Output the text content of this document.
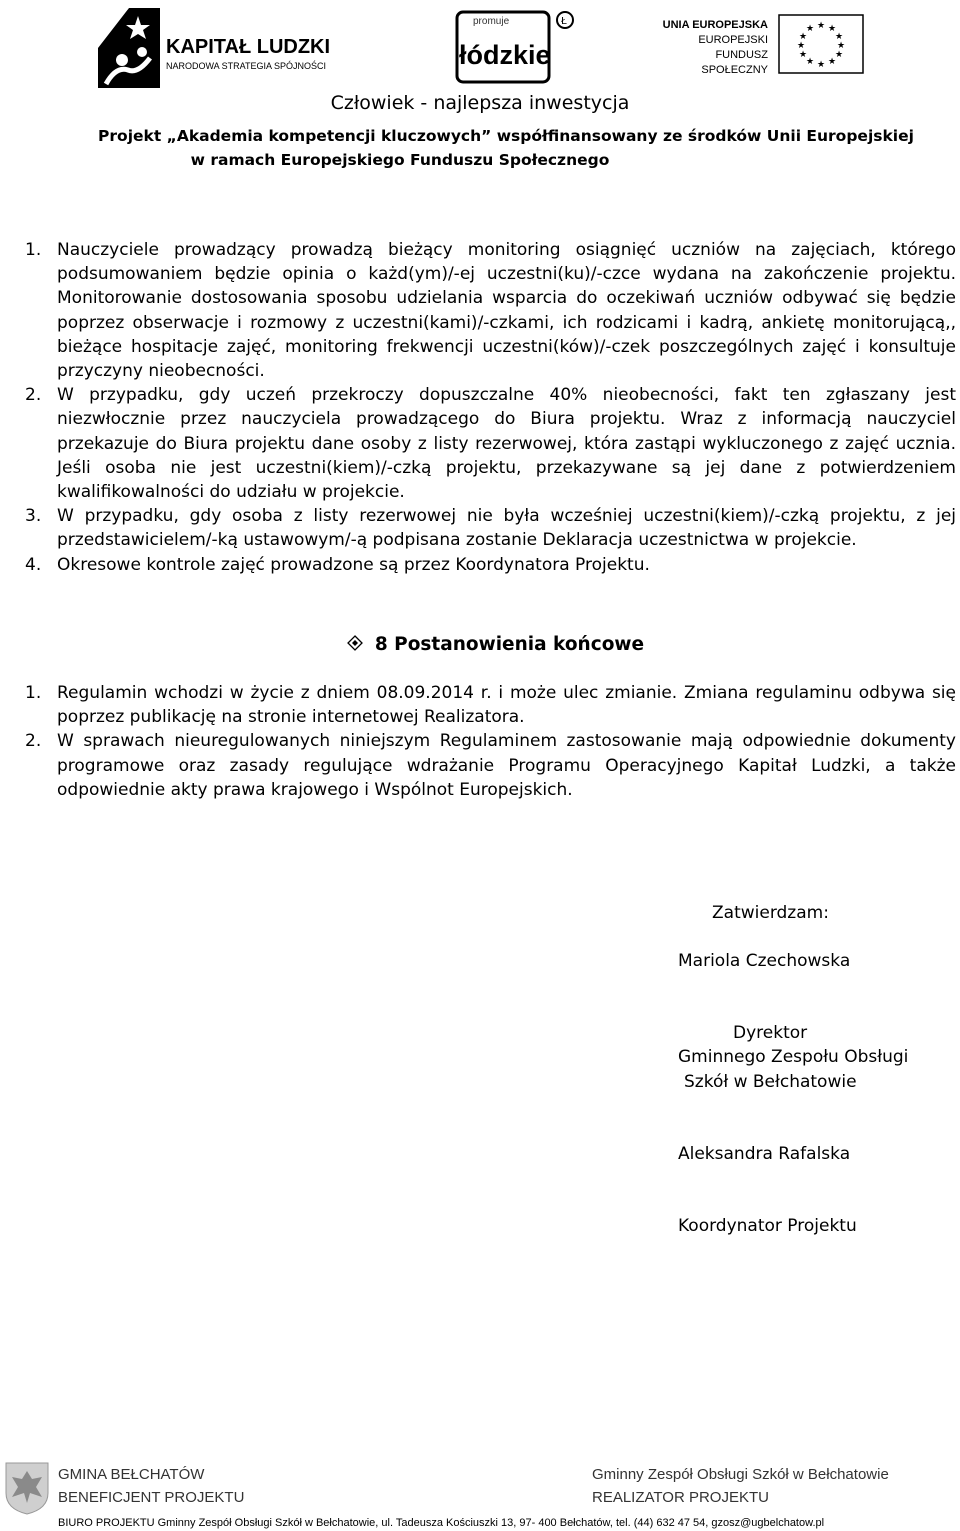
KAPITAŁ LUDZKI
NARODOWA STRATEGIA SPÓJNOŚCI
Ł
promuje
łódzkie
UNIA EUROPEJSKA
EUROPEJSKI
FUNDUSZ SPOŁECZNY
★ ★
★
★
★
★
★
★
★
★
★
★
Człowiek - najlepsza inwestycja
Projekt „Akademia kompetencji kluczowych” współfinansowany ze środków Unii Europejskiej
w ramach Europejskiego Funduszu Społecznego
1. Nauczyciele prowadzący prowadzą bieżący monitoring osiągnięć uczniów na zajęciach, którego podsumowaniem będzie opinia o każd(ym)/-ej uczestni(ku)/-czce wydana na zakończenie projektu. Monitorowanie dostosowania sposobu udzielania wsparcia do oczekiwań uczniów odbywać się będzie poprzez obserwacje i rozmowy z uczestni(kami)/-czkami, ich rodzicami i kadrą, ankietę monitorującą,, bieżące hospitacje zajęć, monitoring frekwencji uczestni(ków)/-czek poszczególnych zajęć i konsultuje przyczyny nieobecności.
2. W przypadku, gdy uczeń przekroczy dopuszczalne 40% nieobecności, fakt ten zgłaszany jest niezwłocznie przez nauczyciela prowadzącego do Biura projektu. Wraz z informacją nauczyciel przekazuje do Biura projektu dane osoby z listy rezerwowej, która zastąpi wykluczonego z zajęć ucznia. Jeśli osoba nie jest uczestni(kiem)/-czką projektu, przekazywane są jej dane z potwierdzeniem kwalifikowalności do udziału w projekcie.
3. W przypadku, gdy osoba z listy rezerwowej nie była wcześniej uczestni(kiem)/-czką projektu, z jej przedstawicielem/-ką ustawowym/-ą podpisana zostanie Deklaracja uczestnictwa w projekcie.
4. Okresowe kontrole zajęć prowadzone są przez Koordynatora Projektu.
8 Postanowienia końcowe
1. Regulamin wchodzi w życie z dniem 08.09.2014 r. i może ulec zmianie. Zmiana regulaminu odbywa się poprzez publikację na stronie internetowej Realizatora.
2. W sprawach nieuregulowanych niniejszym Regulaminem zastosowanie mają odpowiednie dokumenty programowe oraz zasady regulujące wdrażanie Programu Operacyjnego Kapitał Ludzki, a także odpowiednie akty prawa krajowego i Wspólnot Europejskich.
Zatwierdzam:
Mariola Czechowska
Dyrektor
Gminnego Zespołu Obsługi
Szkół w Bełchatowie
Aleksandra Rafalska
Koordynator Projektu
GMINA BEŁCHATÓW
BENEFICJENT PROJEKTU
Gminny Zespół Obsługi Szkół w Bełchatowie
REALIZATOR PROJEKTU
BIURO PROJEKTU Gminny Zespół Obsługi Szkół w Bełchatowie, ul. Tadeusza Kościuszki 13, 97- 400 Bełchatów, tel. (44) 632 47 54, gzosz@ugbelchatow.pl
